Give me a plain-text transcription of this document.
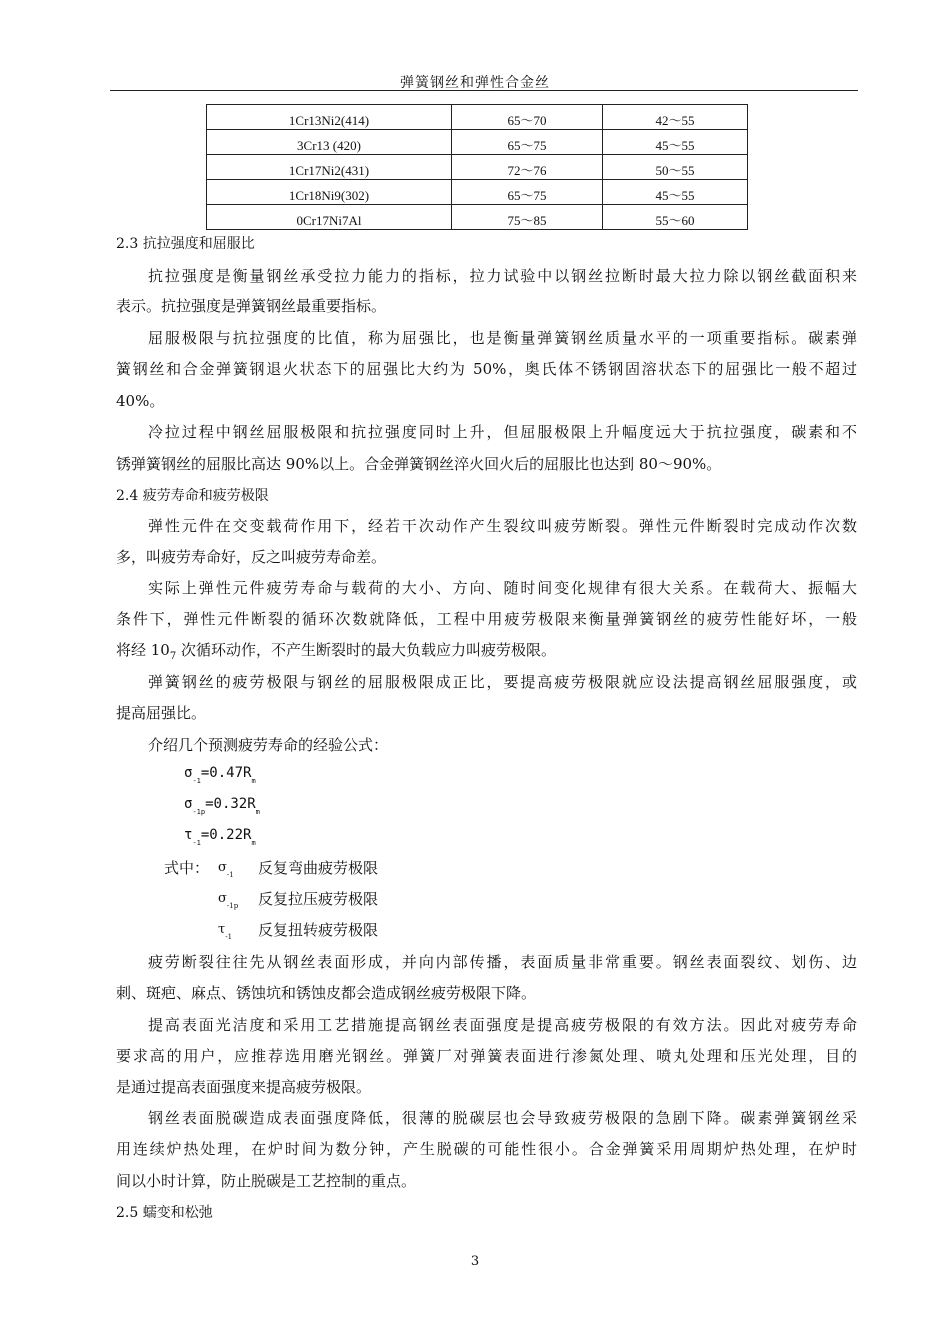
弹簧钢丝和弹性合金丝
1Cr13Ni2(414)	65～70	42～55
3Cr13 (420)	65～75	45～55
1Cr17Ni2(431)	72～76	50～55
1Cr18Ni9(302)	65～75	45～55
0Cr17Ni7Al	75～85	55～60
2.3 抗拉强度和屈服比
抗拉强度是衡量钢丝承受拉力能力的指标，拉力试验中以钢丝拉断时最大拉力除以钢丝截面积来
表示。抗拉强度是弹簧钢丝最重要指标。
屈服极限与抗拉强度的比值，称为屈强比，也是衡量弹簧钢丝质量水平的一项重要指标。碳素弹
簧钢丝和合金弹簧钢退火状态下的屈强比大约为 50%，奥氏体不锈钢固溶状态下的屈强比一般不超过
40%。
冷拉过程中钢丝屈服极限和抗拉强度同时上升，但屈服极限上升幅度远大于抗拉强度，碳素和不
锈弹簧钢丝的屈服比高达 90%以上。合金弹簧钢丝淬火回火后的屈服比也达到 80～90%。
2.4 疲劳寿命和疲劳极限
弹性元件在交变载荷作用下，经若干次动作产生裂纹叫疲劳断裂。弹性元件断裂时完成动作次数
多，叫疲劳寿命好，反之叫疲劳寿命差。
实际上弹性元件疲劳寿命与载荷的大小、方向、随时间变化规律有很大关系。在载荷大、振幅大
条件下，弹性元件断裂的循环次数就降低，工程中用疲劳极限来衡量弹簧钢丝的疲劳性能好坏，一般
将经 $10_7$ 次循环动作，不产生断裂时的最大负载应力叫疲劳极限。
弹簧钢丝的疲劳极限与钢丝的屈服极限成正比，要提高疲劳极限就应设法提高钢丝屈服强度，或
提高屈强比。
介绍几个预测疲劳寿命的经验公式：
$\sigma_{-1}=0.47R_m$
$\sigma_{-1p}=0.32R_m$
$\tau_{-1}=0.22R_m$
式中： $\sigma_{-1}$ 反复弯曲疲劳极限
$\sigma_{-1p}$ 反复拉压疲劳极限
$\tau_{-1}$ 反复扭转疲劳极限
疲劳断裂往往先从钢丝表面形成，并向内部传播，表面质量非常重要。钢丝表面裂纹、划伤、边
刺、斑疤、麻点、锈蚀坑和锈蚀皮都会造成钢丝疲劳极限下降。
提高表面光洁度和采用工艺措施提高钢丝表面强度是提高疲劳极限的有效方法。因此对疲劳寿命
要求高的用户，应推荐选用磨光钢丝。弹簧厂对弹簧表面进行渗氮处理、喷丸处理和压光处理，目的
是通过提高表面强度来提高疲劳极限。
钢丝表面脱碳造成表面强度降低，很薄的脱碳层也会导致疲劳极限的急剧下降。碳素弹簧钢丝采
用连续炉热处理，在炉时间为数分钟，产生脱碳的可能性很小。合金弹簧采用周期炉热处理，在炉时
间以小时计算，防止脱碳是工艺控制的重点。
2.5 蠕变和松弛
3
